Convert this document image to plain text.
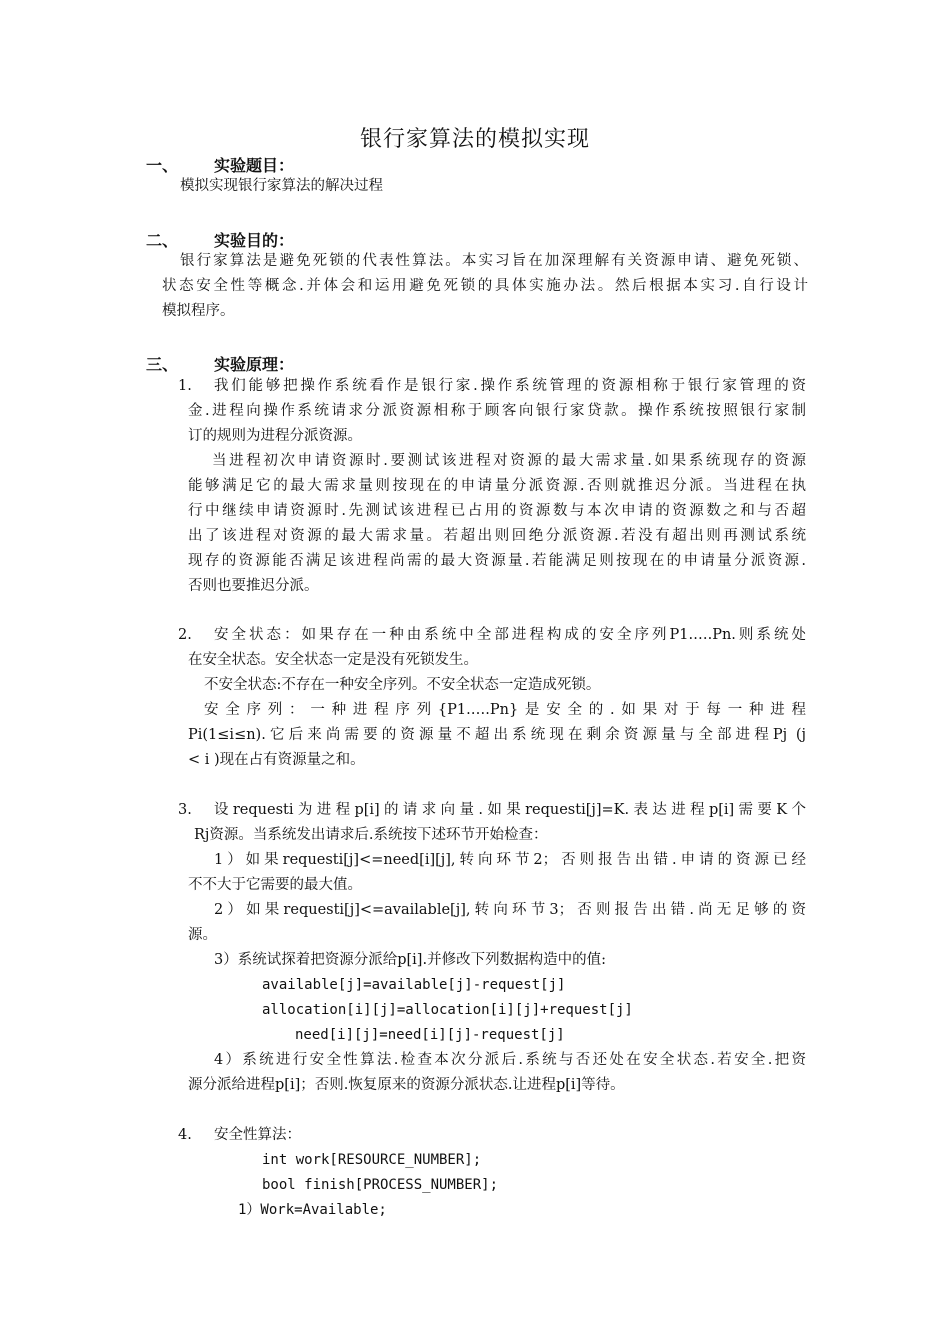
银行家算法的模拟实现
一、 实验题目：
模拟实现银行家算法的解决过程
二、 实验目的：
银行家算法是避免死锁的代表性算法。本实习旨在加深理解有关资源申请、避免死锁、
状态安全性等概念.并体会和运用避免死锁的具体实施办法。然后根据本实习.自行设计
模拟程序。
三、 实验原理：
1. 我们能够把操作系统看作是银行家.操作系统管理的资源相称于银行家管理的资
金.进程向操作系统请求分派资源相称于顾客向银行家贷款。操作系统按照银行家制
订的规则为进程分派资源。
当进程初次申请资源时.要测试该进程对资源的最大需求量.如果系统现存的资源
能够满足它的最大需求量则按现在的申请量分派资源.否则就推迟分派。当进程在执
行中继续申请资源时.先测试该进程已占用的资源数与本次申请的资源数之和与否超
出了该进程对资源的最大需求量。若超出则回绝分派资源.若没有超出则再测试系统
现存的资源能否满足该进程尚需的最大资源量.若能满足则按现在的申请量分派资源.
否则也要推迟分派。
2. 安全状态：如果存在一种由系统中全部进程构成的安全序列P1.….Pn.则系统处
在安全状态。安全状态一定是没有死锁发生。
不安全状态:不存在一种安全序列。不安全状态一定造成死锁。
安全序列：一种进程序列{P1.….Pn}是安全的.如果对于每一种进程
Pi(1≤i≤n).它后来尚需要的资源量不超出系统现在剩余资源量与全部进程Pj (j
< i )现在占有资源量之和。
3. 设requesti为进程p[i]的请求向量.如果requesti[j]=K.表达进程p[i]需要K个
Rj资源。当系统发出请求后.系统按下述环节开始检查：
1）如果requesti[j]<=need[i][j],转向环节2；否则报告出错.申请的资源已经
不不大于它需要的最大值。
2）如果requesti[j]<=available[j],转向环节3；否则报告出错.尚无足够的资
源。
3）系统试探着把资源分派给p[i].并修改下列数据构造中的值:
available[j]=available[j]-request[j]
allocation[i][j]=allocation[i][j]+request[j]
need[i][j]=need[i][j]-request[j]
4）系统进行安全性算法.检查本次分派后.系统与否还处在安全状态.若安全.把资
源分派给进程p[i]；否则.恢复原来的资源分派状态.让进程p[i]等待。
4. 安全性算法：
int work[RESOURCE_NUMBER];
bool finish[PROCESS_NUMBER];
1）Work=Available;
